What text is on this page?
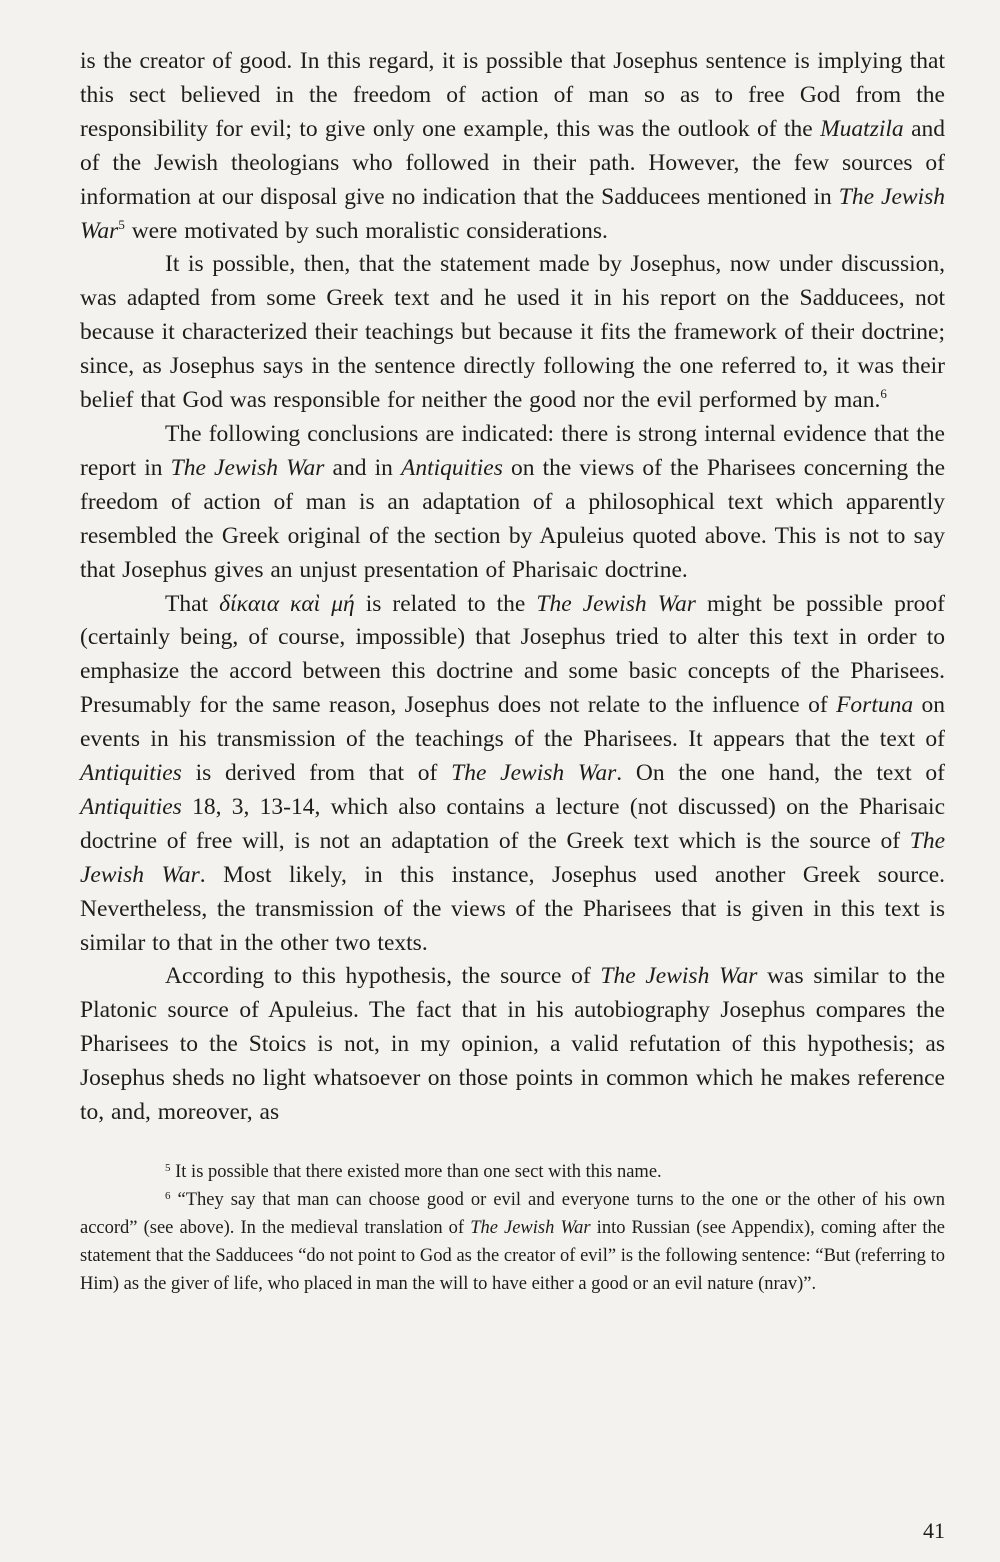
is the creator of good. In this regard, it is possible that Josephus sentence is implying that this sect believed in the freedom of action of man so as to free God from the responsibility for evil; to give only one example, this was the outlook of the Muatzila and of the Jewish theologians who followed in their path. However, the few sources of information at our disposal give no indication that the Sadducees mentioned in The Jewish War$^5$ were motivated by such moralistic considerations.

It is possible, then, that the statement made by Josephus, now under discussion, was adapted from some Greek text and he used it in his report on the Sadducees, not because it characterized their teachings but because it fits the framework of their doctrine; since, as Josephus says in the sentence directly following the one referred to, it was their belief that God was responsible for neither the good nor the evil performed by man.$^6$

The following conclusions are indicated: there is strong internal evidence that the report in The Jewish War and in Antiquities on the views of the Pharisees concerning the freedom of action of man is an adaptation of a philosophical text which apparently resembled the Greek original of the section by Apuleius quoted above. This is not to say that Josephus gives an unjust presentation of Pharisaic doctrine.

That δίκαια καὶ μή is related to the The Jewish War might be possible proof (certainly being, of course, impossible) that Josephus tried to alter this text in order to emphasize the accord between this doctrine and some basic concepts of the Pharisees. Presumably for the same reason, Josephus does not relate to the influence of Fortuna on events in his transmission of the teachings of the Pharisees. It appears that the text of Antiquities is derived from that of The Jewish War. On the one hand, the text of Antiquities 18, 3, 13-14, which also contains a lecture (not discussed) on the Pharisaic doctrine of free will, is not an adaptation of the Greek text which is the source of The Jewish War. Most likely, in this instance, Josephus used another Greek source. Nevertheless, the transmission of the views of the Pharisees that is given in this text is similar to that in the other two texts.

According to this hypothesis, the source of The Jewish War was similar to the Platonic source of Apuleius. The fact that in his autobiography Josephus compares the Pharisees to the Stoics is not, in my opinion, a valid refutation of this hypothesis; as Josephus sheds no light whatsoever on those points in common which he makes reference to, and, moreover, as

$^5$ It is possible that there existed more than one sect with this name.

$^6$ “They say that man can choose good or evil and everyone turns to the one or the other of his own accord” (see above). In the medieval translation of The Jewish War into Russian (see Appendix), coming after the statement that the Sadducees “do not point to God as the creator of evil” is the following sentence: “But (referring to Him) as the giver of life, who placed in man the will to have either a good or an evil nature (nrav)”.

41
